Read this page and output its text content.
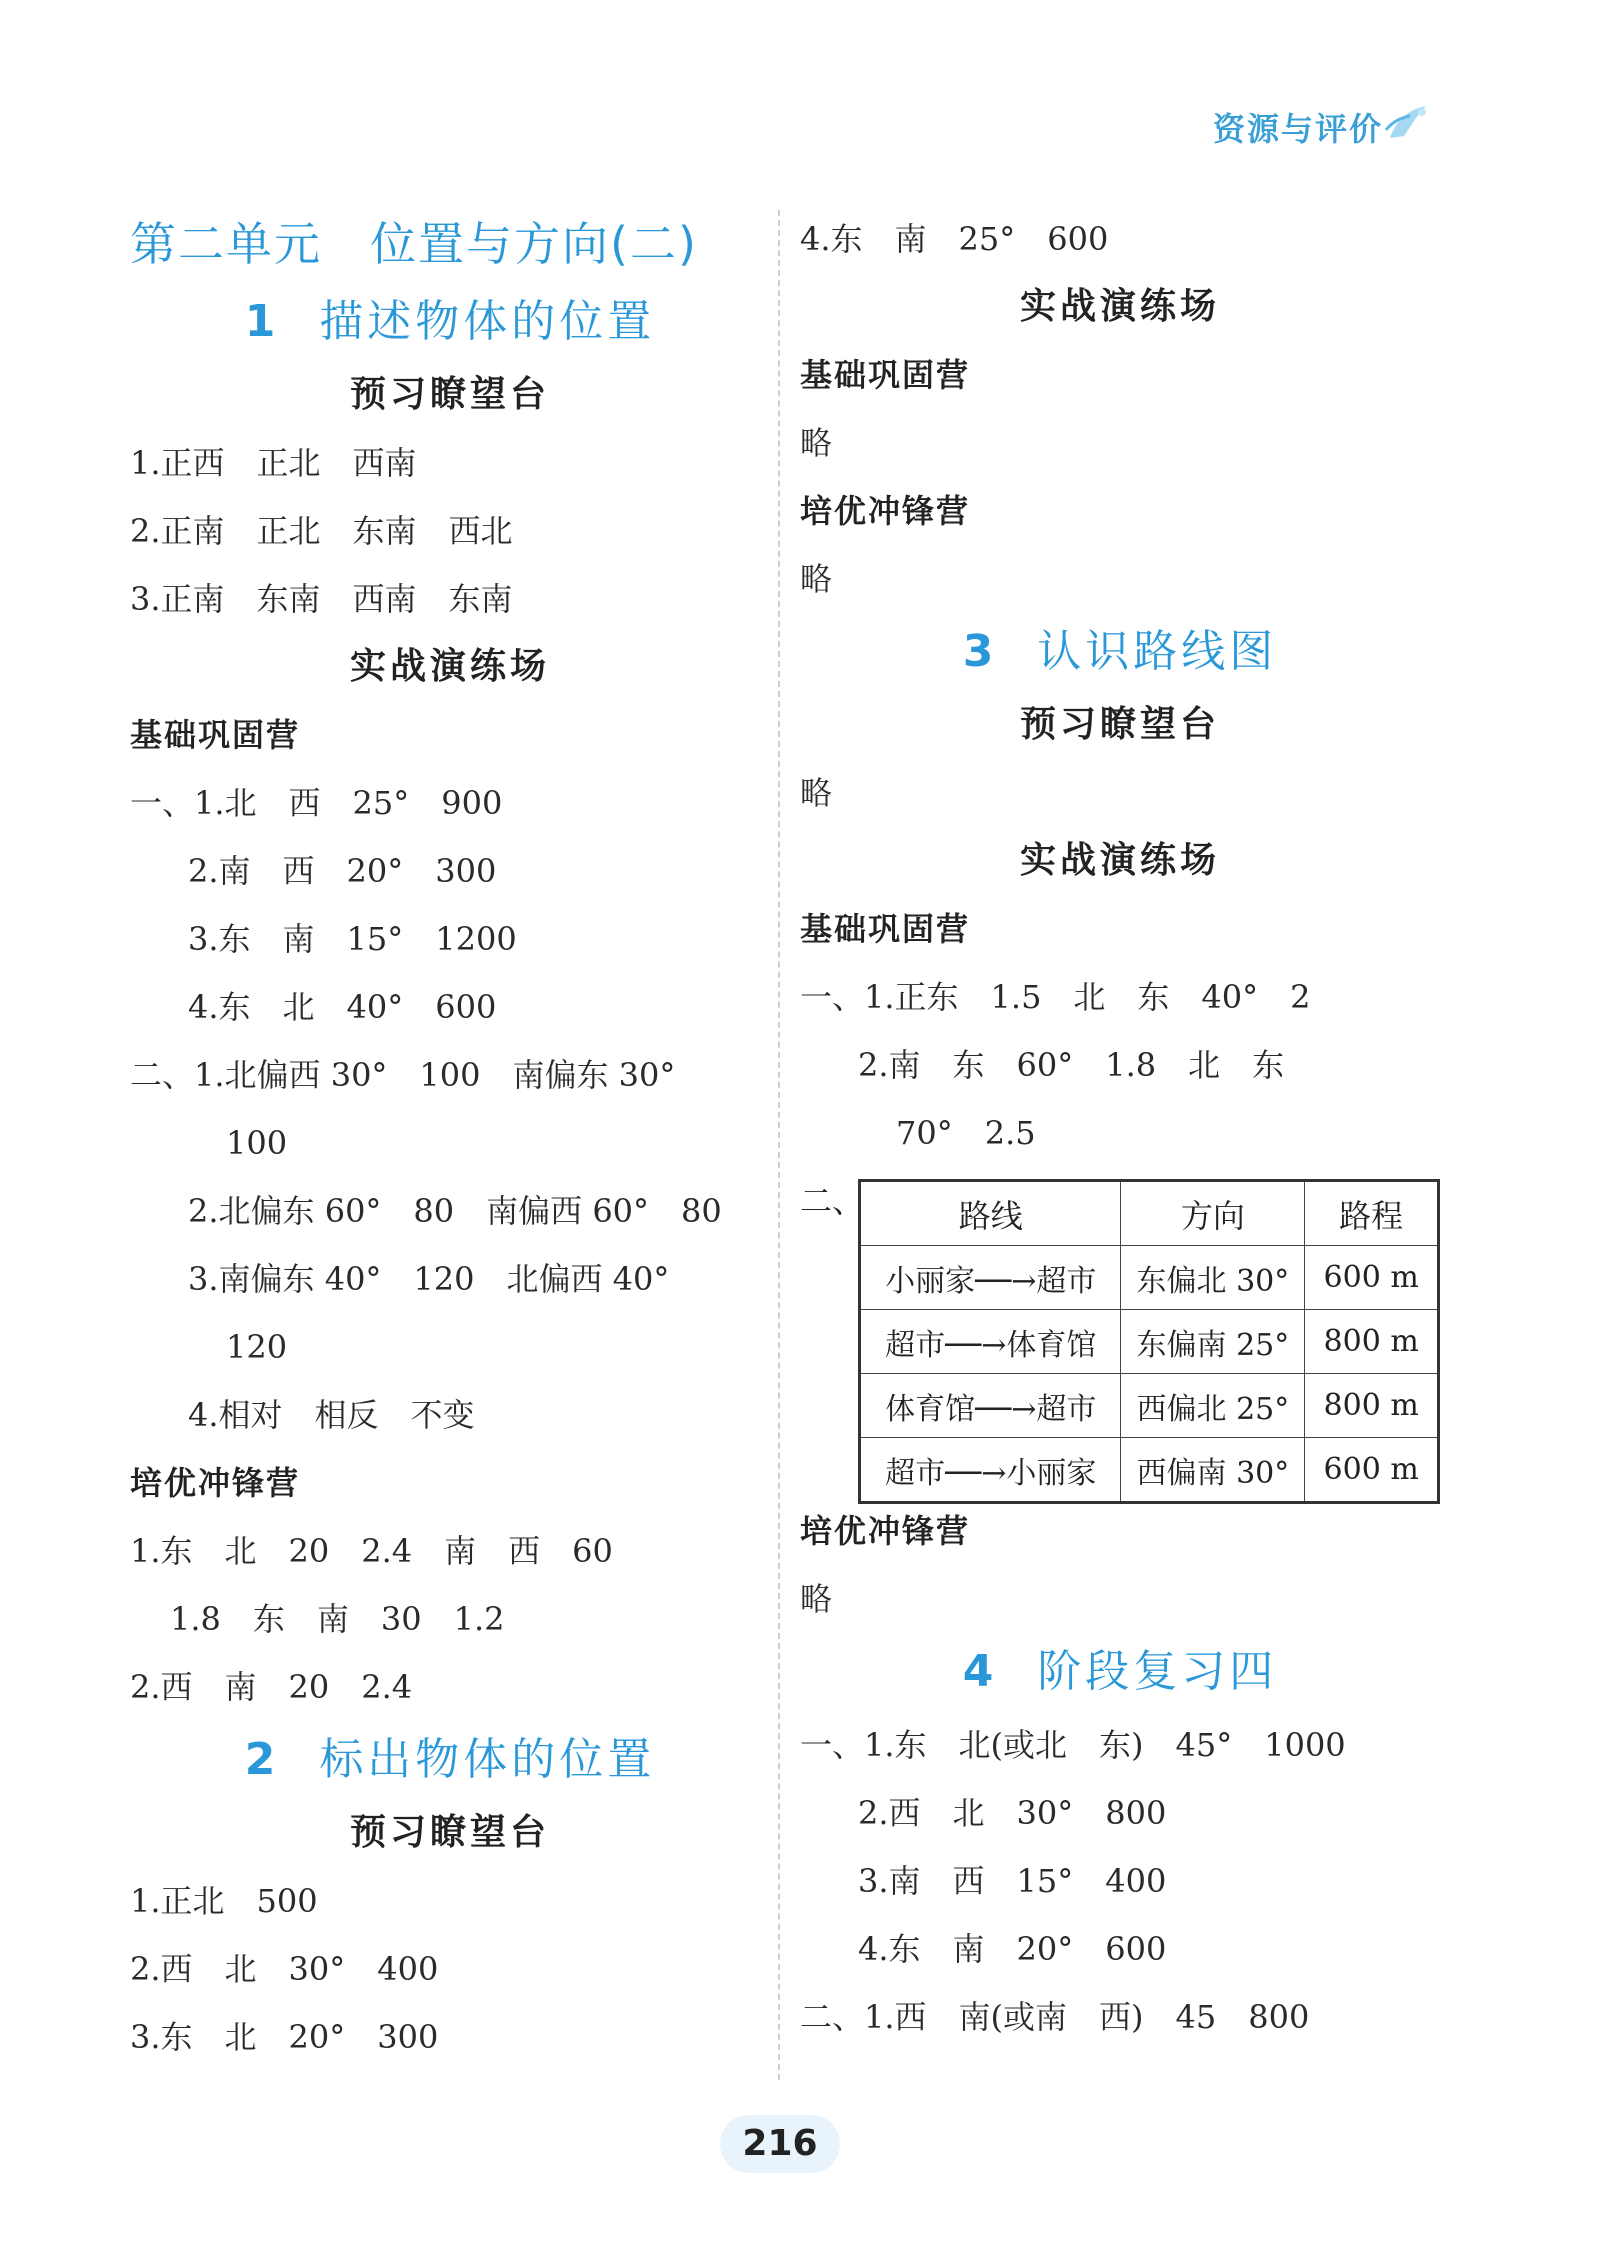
资源与评价
第二单元　位置与方向(二)
1 描述物体的位置
预习瞭望台
1.正西　正北　西南
2.正南　正北　东南　西北
3.正南　东南　西南　东南
实战演练场
基础巩固营
一、1.北　西　25°　900
2.南　西　20°　300
3.东　南　15°　1200
4.东　北　40°　600
二、1.北偏西 30°　100　南偏东 30°
100
2.北偏东 60°　80　南偏西 60°　80
3.南偏东 40°　120　北偏西 40°
120
4.相对　相反　不变
培优冲锋营
1.东　北　20　2.4　南　西　60
1.8　东　南　30　1.2
2.西　南　20　2.4
2 标出物体的位置
预习瞭望台
1.正北　500
2.西　北　30°　400
3.东　北　20°　300
4.东　南　25°　600
实战演练场
基础巩固营
略
培优冲锋营
略
3 认识路线图
预习瞭望台
略
实战演练场
基础巩固营
一、1.正东　1.5　北　东　40°　2
2.南　东　60°　1.8　北　东
70°　2.5
二、	路线	方向	路程
小丽家──→超市	东偏北 30°	600 m
超市──→体育馆	东偏南 25°	800 m
体育馆──→超市	西偏北 25°	800 m
超市──→小丽家	西偏南 30°	600 m
培优冲锋营
略
4 阶段复习四
一、1.东　北(或北　东)　45°　1000
2.西　北　30°　800
3.南　西　15°　400
4.东　南　20°　600
二、1.西　南(或南　西)　45　800
216
